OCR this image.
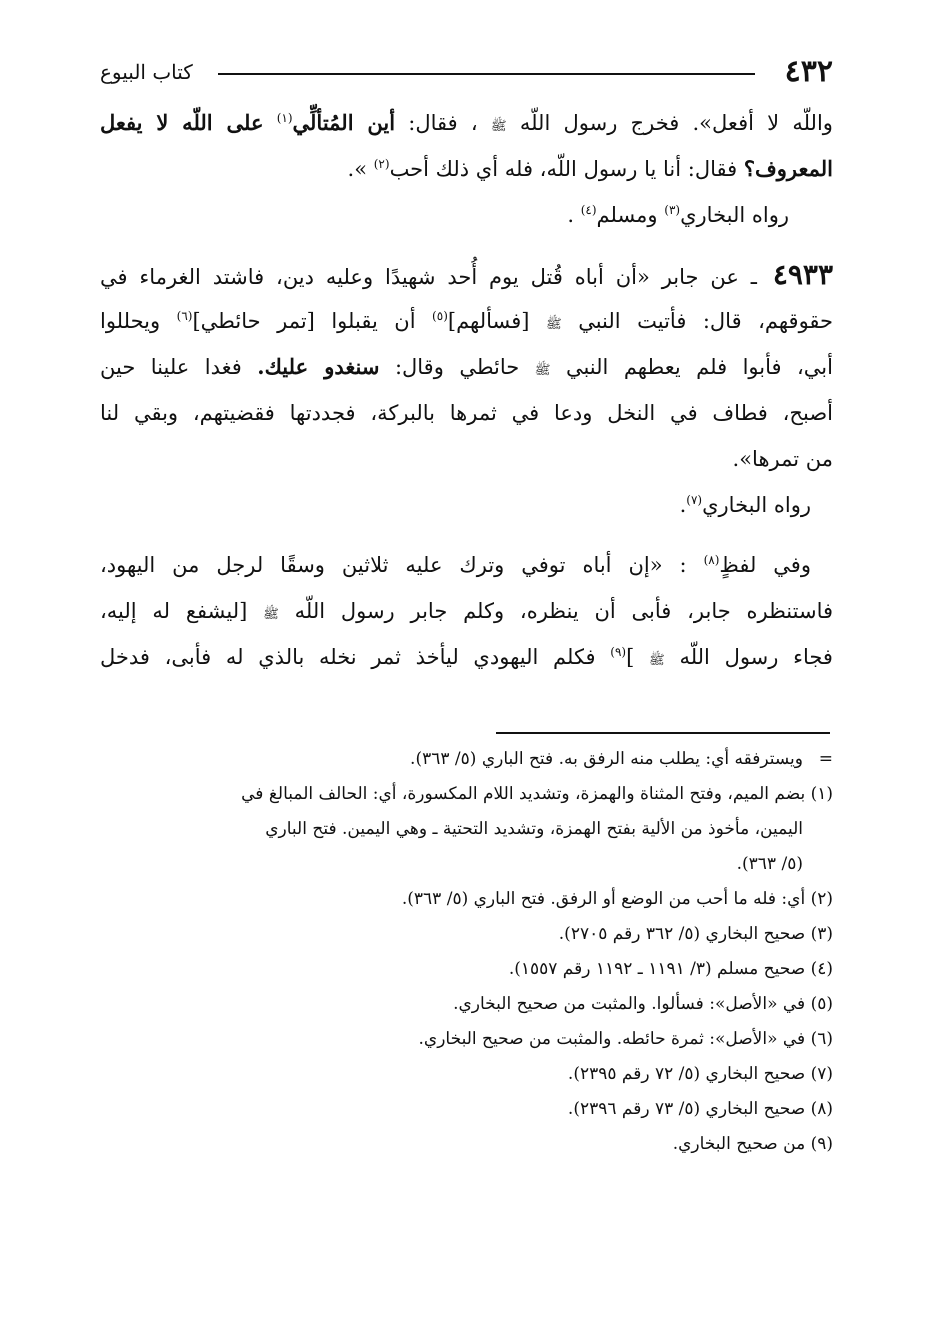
٤٣٢
كتاب البيوع
واللّه لا أفعل». فخرج رسول اللّه ﷺ ، فقال: أين المُتألِّي$^{(١)}$ على اللّه لا يفعل
المعروف؟ فقال: أنا يا رسول اللّه، فله أي ذلك أحب$^{(٢)}$ ».
رواه البخاري$^{(٣)}$ ومسلم$^{(٤)}$ .
٤٩٣٣ ـ عن جابر «أن أباه قُتل يوم أُحد شهيدًا وعليه دين، فاشتد الغرماء في
حقوقهم، قال: فأتيت النبي ﷺ [فسألهم]$^{(٥)}$ أن يقبلوا [تمر حائطي]$^{(٦)}$ ويحللوا
أبي، فأبوا فلم يعطهم النبي ﷺ حائطي وقال: سنغدو عليك. فغدا علينا حين
أصبح، فطاف في النخل ودعا في ثمرها بالبركة، فجددتها فقضيتهم، وبقي لنا
من تمرها».
رواه البخاري$^{(٧)}$.
وفي لفظٍ$^{(٨)}$ : «إن أباه توفي وترك عليه ثلاثين وسقًا لرجل من اليهود،
فاستنظره جابر، فأبى أن ينظره، وكلم جابر رسول اللّه ﷺ [ليشفع له إليه،
فجاء رسول اللّه ﷺ ]$^{(٩)}$ فكلم اليهودي ليأخذ ثمر نخله بالذي له فأبى، فدخل
=ويسترفقه أي: يطلب منه الرفق به. فتح الباري (٥/ ٣٦٣).
(١) بضم الميم، وفتح المثناة والهمزة، وتشديد اللام المكسورة، أي: الحالف المبالغ في
اليمين، مأخوذ من الألية بفتح الهمزة، وتشديد التحتية ـ وهي اليمين. فتح الباري
(٥/ ٣٦٣).
(٢) أي: فله ما أحب من الوضع أو الرفق. فتح الباري (٥/ ٣٦٣).
(٣) صحيح البخاري (٥/ ٣٦٢ رقم ٢٧٠٥).
(٤) صحيح مسلم (٣/ ١١٩١ ـ ١١٩٢ رقم ١٥٥٧).
(٥) في «الأصل»: فسألوا. والمثبت من صحيح البخاري.
(٦) في «الأصل»: ثمرة حائطه. والمثبت من صحيح البخاري.
(٧) صحيح البخاري (٥/ ٧٢ رقم ٢٣٩٥).
(٨) صحيح البخاري (٥/ ٧٣ رقم ٢٣٩٦).
(٩) من صحيح البخاري.
